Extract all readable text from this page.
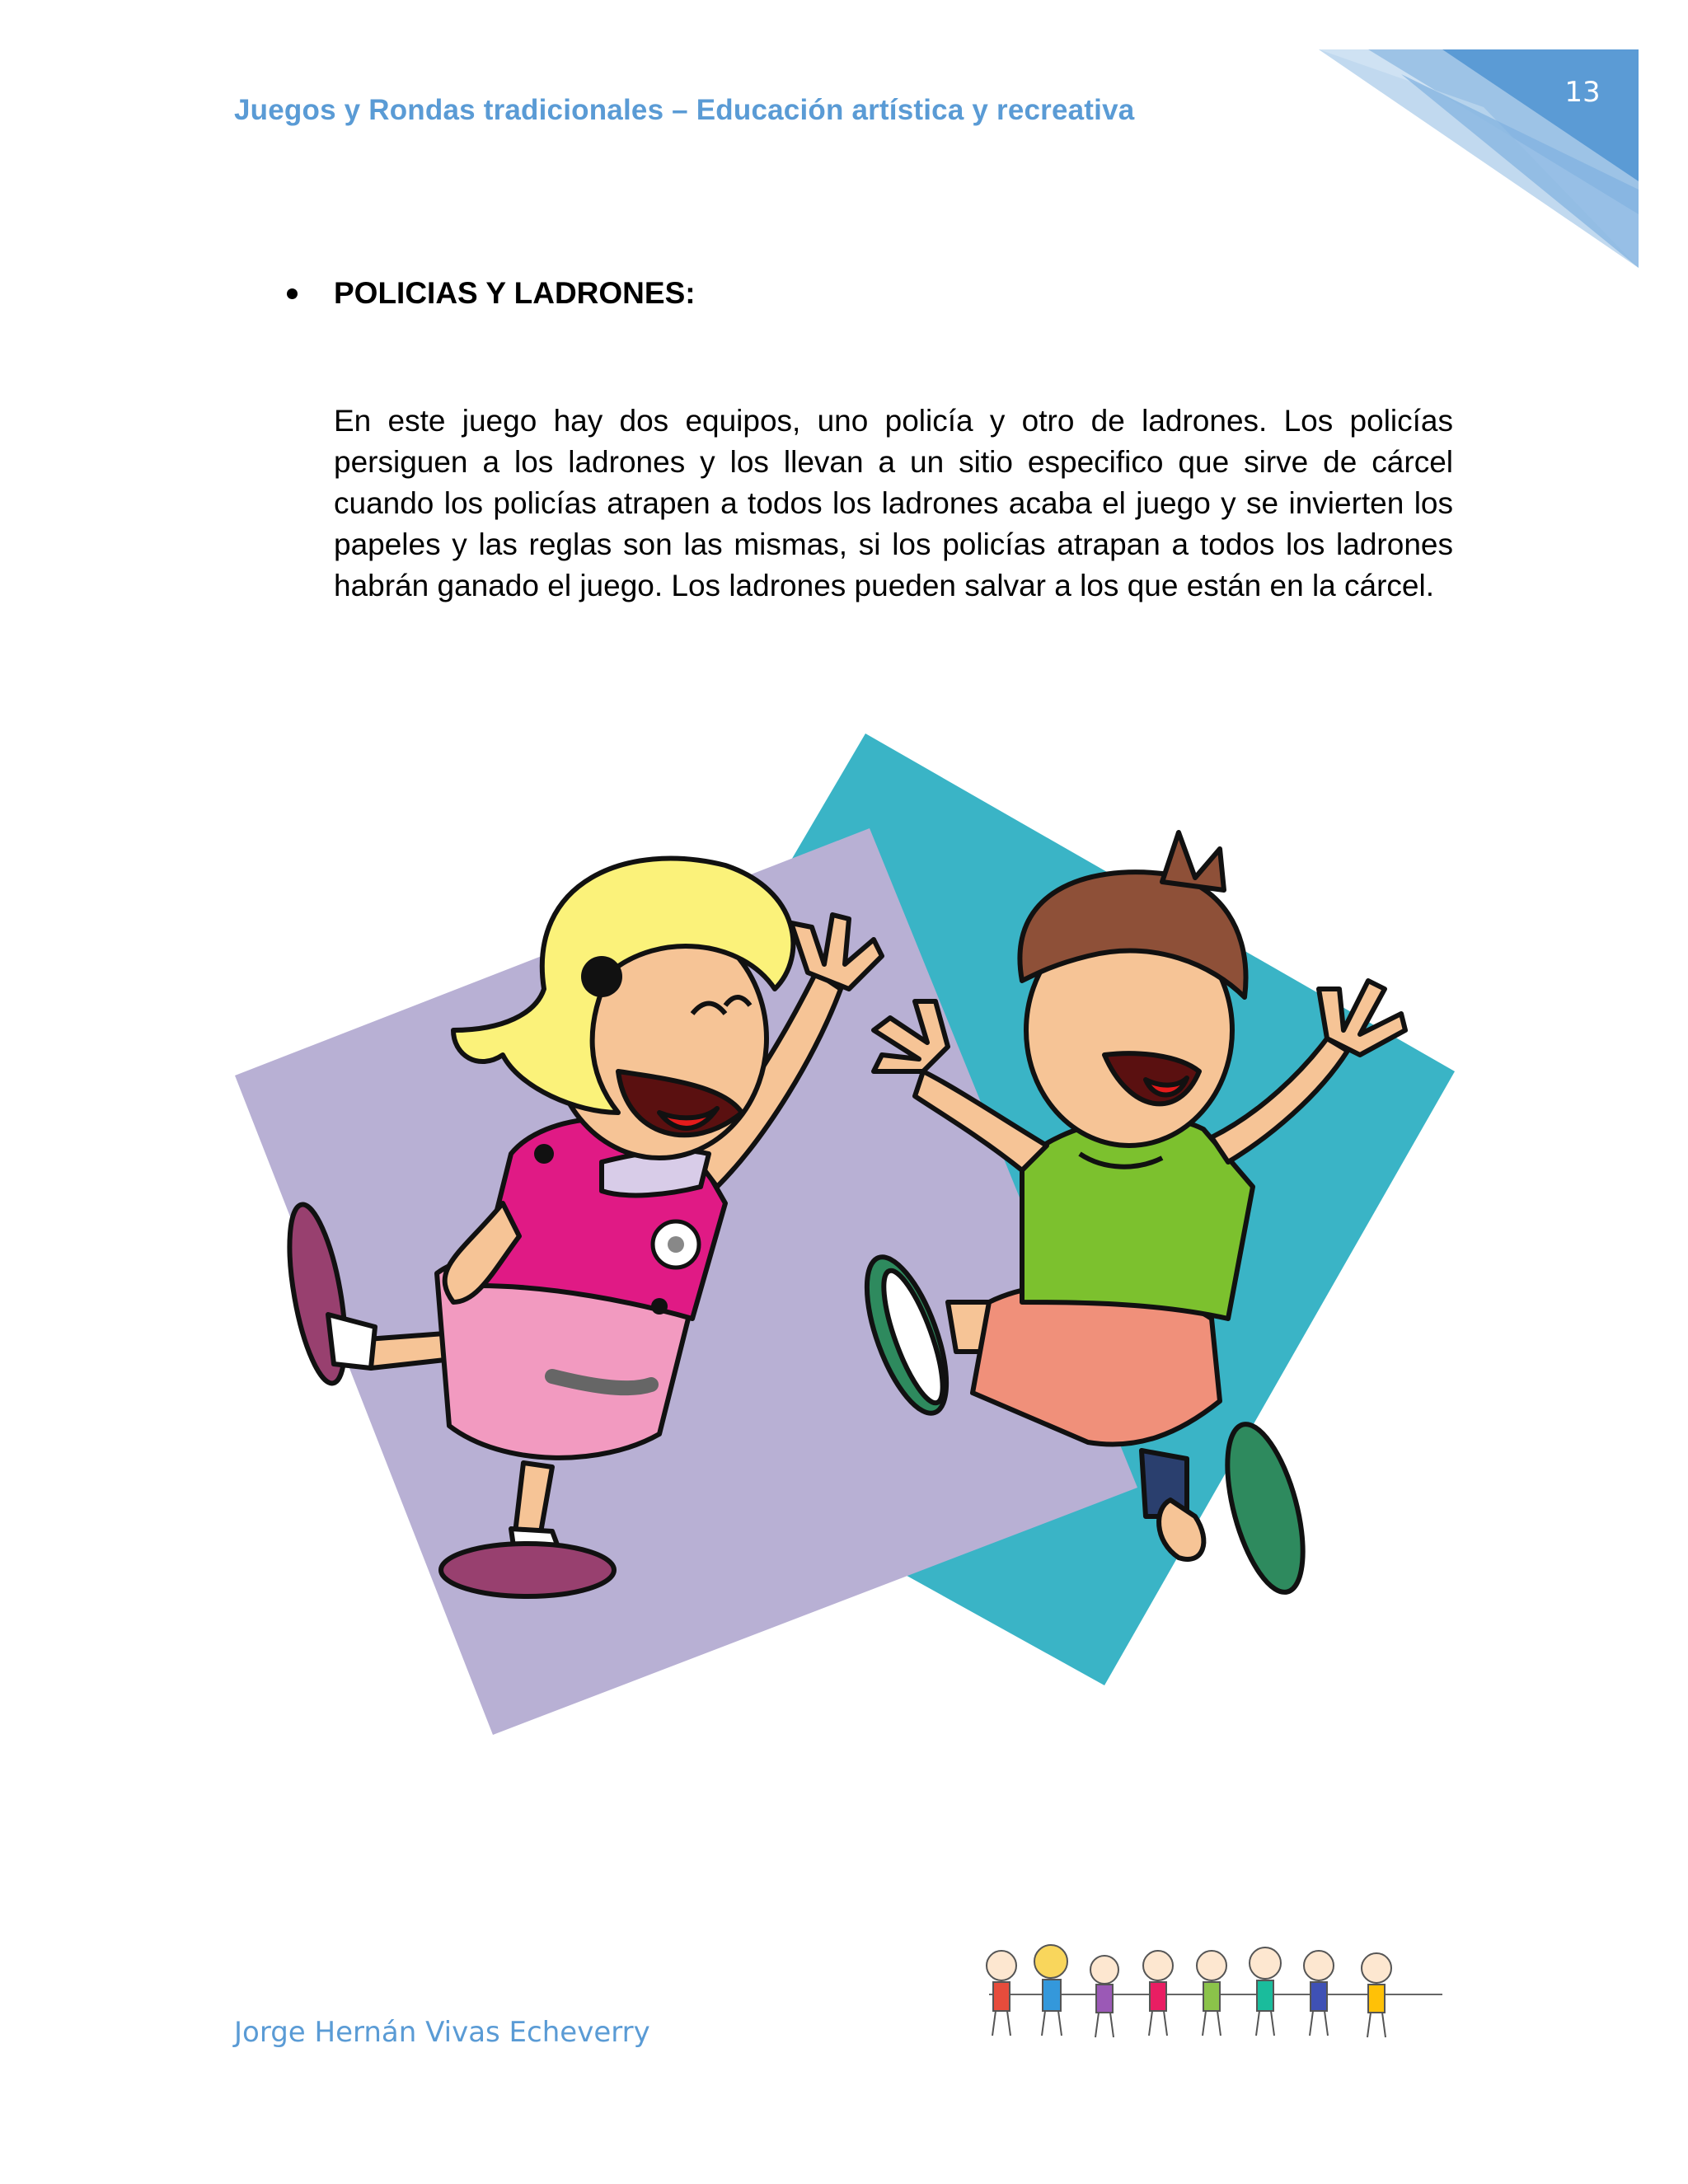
Juegos y Rondas tradicionales – Educación artística y recreativa
13
POLICIAS Y LADRONES:
En este juego hay dos equipos, uno policía y otro de ladrones. Los policías persiguen a los ladrones y los llevan a un sitio especifico que sirve de cárcel cuando los policías atrapen a todos los ladrones acaba el juego y se invierten los papeles y las reglas son las mismas, si los policías atrapan a todos los ladrones habrán ganado el juego. Los ladrones pueden salvar a los que están en la cárcel.
Jorge Hernán Vivas Echeverry
